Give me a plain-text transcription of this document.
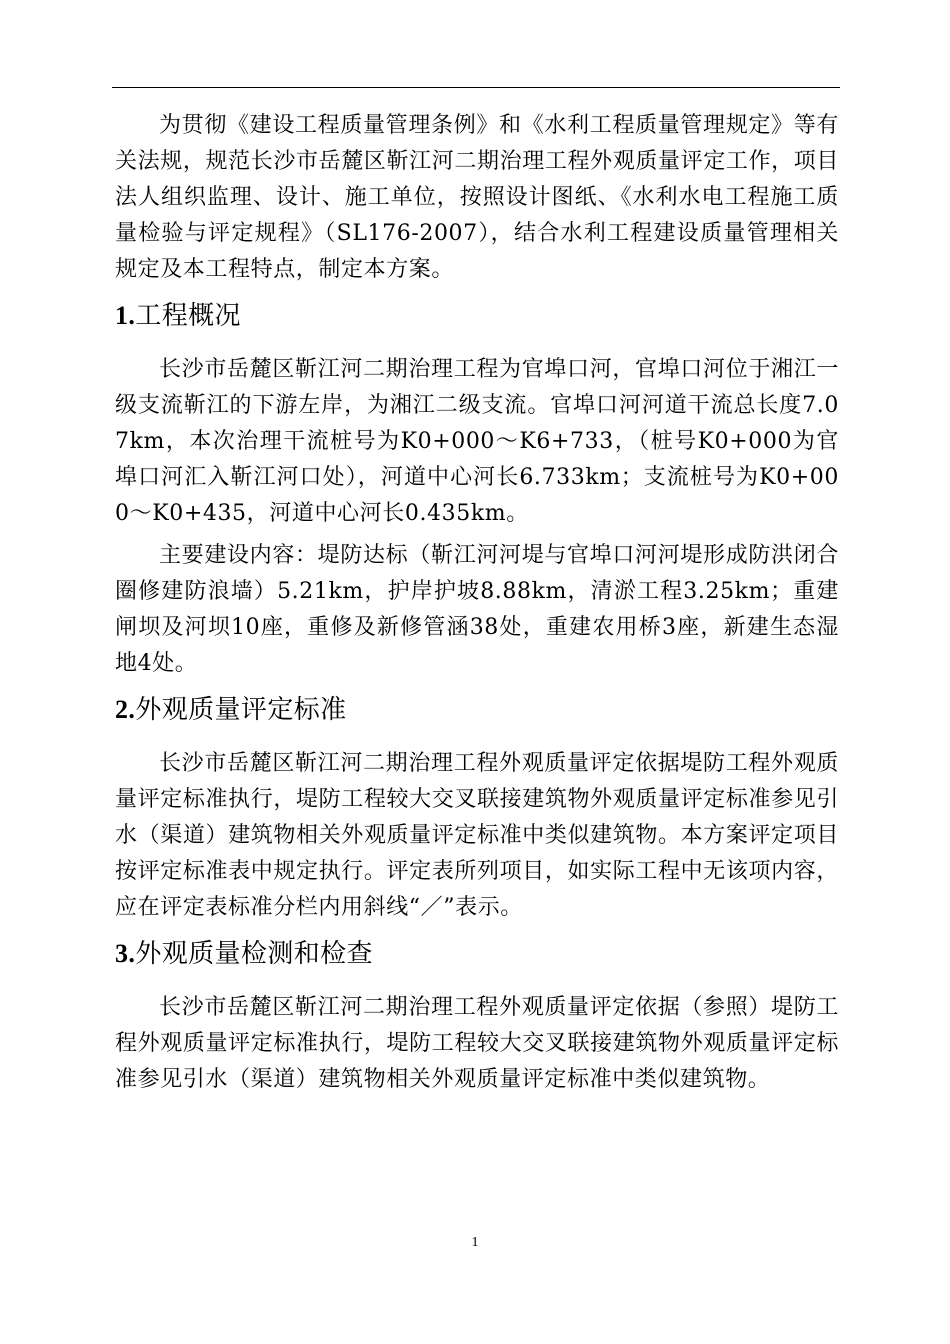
为贯彻《建设工程质量管理条例》和《水利工程质量管理规定》等有关法规，规范长沙市岳麓区靳江河二期治理工程外观质量评定工作，项目法人组织监理、设计、施工单位，按照设计图纸、《水利水电工程施工质量检验与评定规程》（SL176-2007），结合水利工程建设质量管理相关规定及本工程特点，制定本方案。

1.工程概况

长沙市岳麓区靳江河二期治理工程为官埠口河，官埠口河位于湘江一级支流靳江的下游左岸，为湘江二级支流。官埠口河河道干流总长度7.07km，本次治理干流桩号为K0+000～K6+733，（桩号K0+000为官埠口河汇入靳江河口处），河道中心河长6.733km；支流桩号为K0+000～K0+435，河道中心河长0.435km。

主要建设内容：堤防达标（靳江河河堤与官埠口河河堤形成防洪闭合圈修建防浪墙）5.21km，护岸护坡8.88km，清淤工程3.25km；重建闸坝及河坝10座，重修及新修管涵38处，重建农用桥3座，新建生态湿地4处。

2.外观质量评定标准

长沙市岳麓区靳江河二期治理工程外观质量评定依据堤防工程外观质量评定标准执行，堤防工程较大交叉联接建筑物外观质量评定标准参见引水（渠道）建筑物相关外观质量评定标准中类似建筑物。本方案评定项目按评定标准表中规定执行。评定表所列项目，如实际工程中无该项内容，应在评定表标准分栏内用斜线“／”表示。

3.外观质量检测和检查

长沙市岳麓区靳江河二期治理工程外观质量评定依据（参照）堤防工程外观质量评定标准执行，堤防工程较大交叉联接建筑物外观质量评定标准参见引水（渠道）建筑物相关外观质量评定标准中类似建筑物。

1
